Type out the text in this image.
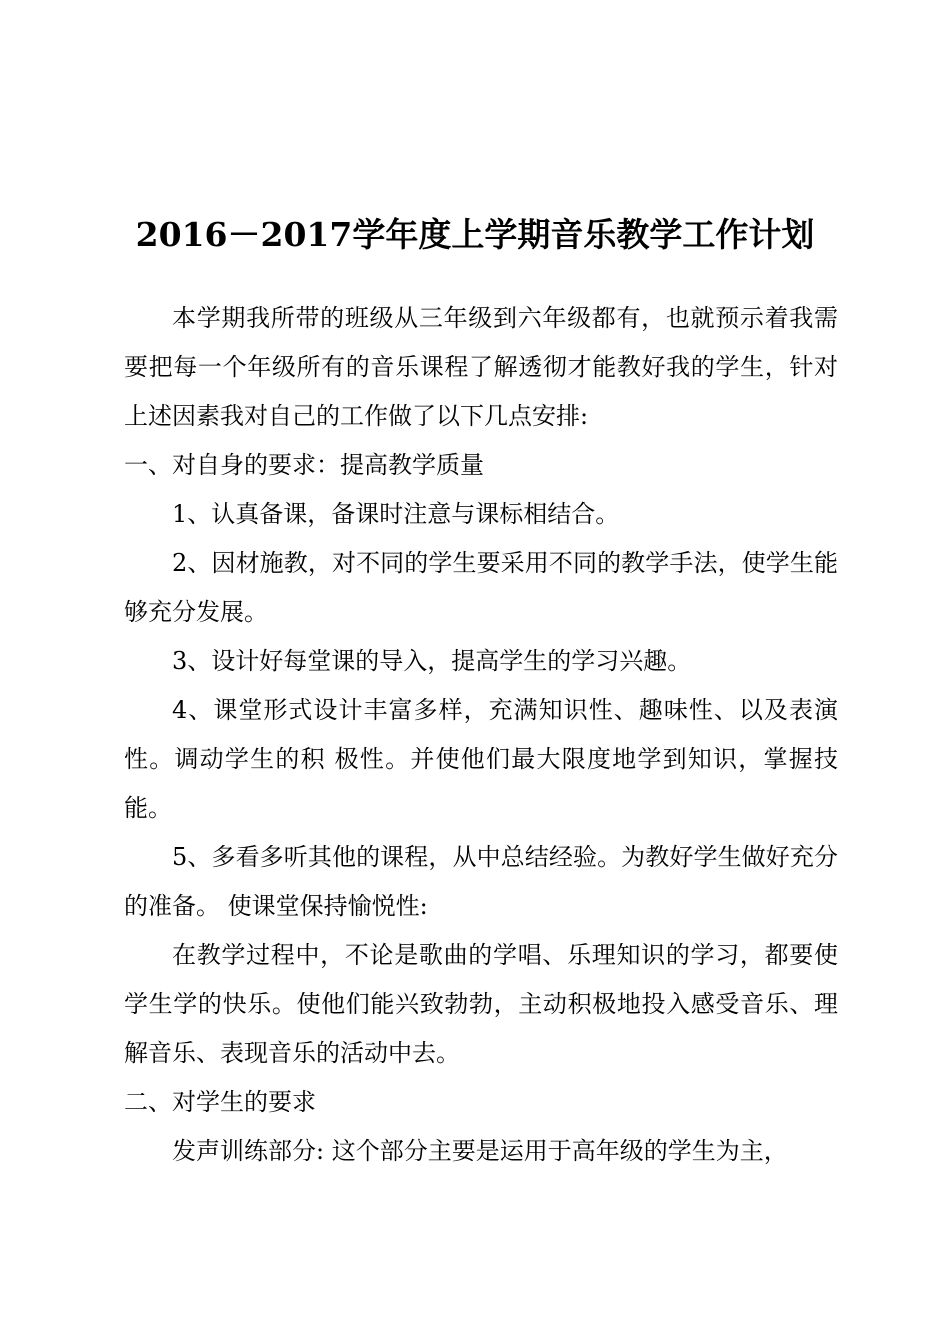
2016－2017学年度上学期音乐教学工作计划

本学期我所带的班级从三年级到六年级都有，也就预示着我需要把每一个年级所有的音乐课程了解透彻才能教好我的学生，针对上述因素我对自己的工作做了以下几点安排:

一、对自身的要求：提高教学质量

1、认真备课，备课时注意与课标相结合。

2、因材施教，对不同的学生要采用不同的教学手法，使学生能够充分发展。

3、设计好每堂课的导入，提高学生的学习兴趣。

4、课堂形式设计丰富多样，充满知识性、趣味性、以及表演性。调动学生的积 极性。并使他们最大限度地学到知识，掌握技能。

5、多看多听其他的课程，从中总结经验。为教好学生做好充分的准备。 使课堂保持愉悦性:

在教学过程中，不论是歌曲的学唱、乐理知识的学习，都要使学生学的快乐。使他们能兴致勃勃，主动积极地投入感受音乐、理解音乐、表现音乐的活动中去。

二、对学生的要求

发声训练部分: 这个部分主要是运用于高年级的学生为主，
